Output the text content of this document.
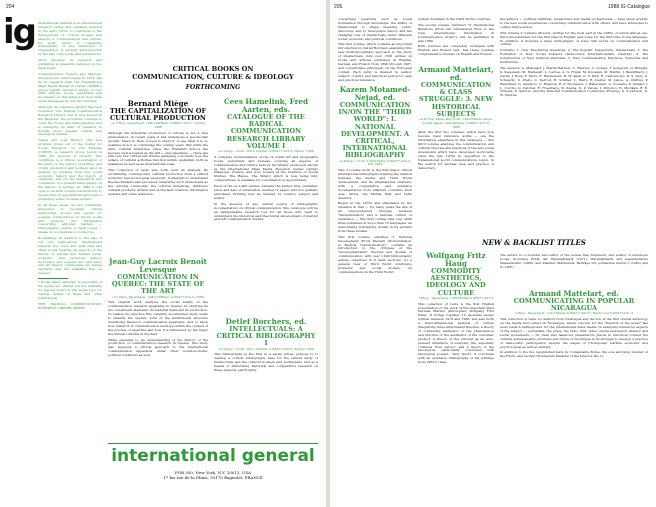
204
ig International General is an international research center and publisher founded in the early 1970s to contribute to the development of critical studies and aspects of communication and culture. Its work, which is completely independent of any institution or organization, is entirely self-supported by the sale of its books and publications.

More precisely, its research and publishing is presently centered on two main areas:

Communication, Culture and Ideology: this program, which began in 1974, has as its research base the International Mass Media Research Center (IMMRC) and is readily reference library of over 6000 articles, books, pamphlets and documents on this subject in more than seven languages in over 90 countries.

Although the reference library has been re-named 'The Radical Communication Research Library' and is now housed in the Bagnolet, the programs continue to cover the books and bibliographies and is enlarging its field of research to include more general critical and ideological studies.

Textes and Cost History: this new program grows out of the Center for Social Research on Old Families (CSROF), a research group begun in 1986. Its purpose is twofold: One contribute to a critical re-evaluation of the study of the history of textiles, and of mill production and workers labor in general, by drawing from new social economic history and the history of creativity; and (2) the elaboration and completion of a general bibliography on the history of textiles. In 1989 it will open to us 2500 volume textile library to researchers by appointment and begin a publishing series on these subject.

In all these areas, we are continually interested in receiving critical approaches, groups and people for possible collaboration on future books and projects. For information concerning editorial matters — bibliographic, review or desk copies — please do not hesitate to contact us.

Bookselling: In addition to the sale of our own publications, International General also buys and sells rare and other books treating all aspects of the history of textiles and related social, economic and technical history, decorative and popular art, and labor and art history. Catalogues are issued regularly and are available free on request.

* Books listed (asterisk) in preceding of the series are offered but not available for special orders to the series (sic) for current details of these and other publications.

THE RADICAL COMMUNICATION RESEARCH LIBRARY IMMRC

CRITICAL BOOKS ON
COMMUNICATION, CULTURE & IDEOLOGY
FORTHCOMING
Bernard Miège
THE CAPITALIZATION OF CULTURAL PRODUCTION
ca 176pp. Paperback, 14#/129Hmm. 0-88477-022-7, Spring 1988

Although the industrial production of culture is not a new phenomenon, in recent years it has undergone a spectacular growth. There is, then, a need to study it, to see what it is, to examine how it is continuing the coming years. But while the term 'cultural industries' since the Frankfurt School has become well accepted as the left — and elsewhere — there are still very few critical left studies analyzing concretely how the sphere of cultural activities function within capitalism, both as examined as well as an international scale.

This collection of texts sets forth such an analysis. By scrutinizing contemporary cultural production from a critical economic and sociological viewpoint, it attempts to understand the mechanisms and processes underlying such phenomena as the cultural commodity, the cultural industries, children's cultural products, artistic and in-the-field creation, information systems and cable television.

Jean-Guy Lacroix Benoît Levesque
COMMUNICATION IN QUEBEC: THE STATE OF THE ART
ca 190pp. Paperback, 14#/129Hmm. 0-88477-016-5, 1989

This original work analyzes the social reality of the communication research apparatus in Quebec by studying its two constituent elements: its material basis and its production. To realize its objective this carefully documented study seeks to identify the specific form of the institutional structure underlying Quebec's communication apparatus, and to show how research in communication develops within the context of the process of expertise and how it is influenced by the major theoretical currents in the field.

While essential to an understanding of the history of the production of communication research in Quebec, this study also suggests a critical approach to the international communication apparatus under other social-economic political conditions as well.

Cees Hamelink, Fred Aarten, eds.
CATALOGUE OF THE RADICAL COMMUNICATION RESEARCH LIBRARY VOLUME I
ca 320pp., Cloth, 500 x 220mm. 0-88477-023-5, Winter 1988

A complete documentation of the ca 2,000 left and progressive books, pamphlets and reviews covering all aspects of communication and culture held by the library, previously known as the International Mass Media Research Center Library (Bagnolet, France) and now housed at the Institute of Social Studies, The Hague. The library, which is now being fully computerized, is available for consultation by appointment.

Each of the ca 2,000 entries contains the author, title, publisher, place and date of publication, number of pages, and it is partially annotated. Printing may be indexed by country, subject and author.

In the absence of any central source of bibliographic documentation on critical communication, this catalogue will be an indispensable research tool for all those who want to understand the historical and theoretical development of marxist and left communication studies.

Detlef Borchers, ed.
INTELLECTUALS: A CRITICAL BIBLIOGRAPHY I
ca 320pp., Cloth, 500 x 220mm. 0-88477-026-X, Spring 1989

This bibliography is the first in a series whose purpose is to develop a critical bibliography base for the radical study of intellectuals and the cultural workers and technicians, and as a means of stimulating historical and comparative research on these subjects, particularly

international general
POB 350, New York, N.Y. 10013, USA
17 bis rue de la Dhuis, 93170 Bagnolet, FRANCE
205	1988 IG Catalogue

concerning questions such as social domination through knowledge, the ability of intellectuals to shape meaning, public discourse, and to monopolize theory, and the changing role of intellectuals under different social, economic and political conditions.

This first volume, which contains an important introduction by Detlef Borchers examining this new multi-disciplinary approach to the study of intellectuals, lists over 1500 entries on books and articles published in English, German and French from 1890 through 1987, and concentrates principally on the European context. Each entry is indexed by author, subject, country and historical period for easy and practical reference.

Kazem Motamed-Nejad, ed.
COMMUNICATION IN/ON THE "THIRD WORLD": I. NATIONAL DEVELOPMENT. A CRITICAL, INTERNATIONAL BIBLIOGRAPHY
ca 400pp., Cloth, 130x220mm 0-88477-022-3, Fall 1989

This 2-volume work is the first major critical international bibliography treating the relation between the media and Third World development, and its international relations, with a comparative and extensive documentation from different countries from Asia, Africa, the Middle East and Latin America.

Begun in the 1970s and stimulated by the situation in Iran — for many years the site of an unprecedented struggle between "Westernization" and a national culture of resistance — this first volume lists over 3000 titles published in more than 15 languages, an unavoidable multiplicity, drawn in its entirety from these studies.

This first volume, subtitled "I. National Development (From Western 'Modernization' to Radical Transformation)", contains an introduction to the critiques of the "developmentalist" theories and models of communication, with over 1,000 bibliographic entries organized in 6 main sections: (1) a general view of Third World conditions, problems and social models; (2) communications in the Third World

system dominant in the Third World countries.

The second volume, subtitled "II. International Relations (From the Unbalanced Flow to the New International Information & Communication Order"), will be published in late 1989.

Both volumes are completely bi-lingual with English and French text, has these volumes comprehensive reviews on English and French.

Armand Mattelart, ed.
COMMUNICATION & CLASS STRUGGLE: 3. NEW HISTORICAL SUBJECTS
ca 475pp, Paper and cloth: 130x220mm Large-format Paper: 224x300mm. 0-88477-027-8, 1989

After the first two volumes, which have now become basic reference works — one the information elsewhere in this catalogue — this third volume analyzes the communication and cultural theories and practices of the new social movements which have developed world-wide since the late 1970s in opposition to the transnational world communications logics. In the search for another idea and practice of democracy.

the authors — political militants, researchers and media professionals — have given priority to the new social experiences concerning communication with others, and have attempted to outline future action.

This Volume 3 contains 48 texts, written for the most part in the 1980s, of which almost one-third are published for the first time in English, and some for the first time in any language. In addition, it includes a large bibliography of some 500 works on communication and culture.

Contents: 1. New Theoretical Questions. 2. The Popular: Subjectivity, Intellectuals. 3. The Formation of New Social Subjects (Democracy, Internationalism, Identity). 4. The Construction of New Cultural Identities. 5. New Communication Practices, Networks and Institutions.

The Authors: A. Mattelart, J. Martin-Barbero, L. Radovic, L. Gomez, T. Sedgwick, D. Binaghi, S. Siegelaub, M. Mattelart, L. Larrea, A. G. Frank, M. Kocanan, M. Martin, J. Baudrillard, J. Carlin, J. Ross, F. Ferro, E. Rasmussen, R. W. Allen, G. S. Kirk, R. Castonboire, R. S. Dery, U. Schwartz, S. Preilo, C. Kerrod, H. Schiller, L. Barry, R. Delfos, M. Jahoe, A. Chiltley, P. Waterman, G. Aquilloto, C. Rivarola, R. P. Thompson, J. Wallerstein, A. Touraine, P. Samatt, J. L. Corcho, G. Catchar, R. Freedberg, W. Itagna, N. P. Varela, I. Poltonov, H. Morikaw, R. E. Trinopk, E. Samosi, and the National Communication Committee (France), K. P. Jansson, D. W. Smythe.

NEW & BACKLIST TITLES
Wolfgang Fritz Haug
COMMODITY AESTHETICS, IDEOLOGY AND CULTURE
168pp., Paperback, 130x220mm 0-88477-023-5

This collection of texts is the first English presentation of the work of the important West German Marxist philosopher, Wolfgang Fritz Haug. It brings together 10 essential essays written between 1970 and 1986, and sets forth a multi-dimensional analysis of culture integrating three interrelated theories: a theory of commodity aesthetics or the phenomenon and function of the aesthetics of the consumer product; a theory of the cultural as an auto-present dimension of everyday life, especially "cultures from below"; and a theory of the ideological, particularly concerned with ideological powers. "Very short", it concludes with an extensive bibliography of his writings from 1963 to date.

The author is co-founder and editor of the review Das Argument, and author of numerous books, including Kritik der Warenästhetik (1971), Warenästhetik und kapitalistische Massenkultur (1980), and Plaudier Marxismus: Beiträge zur politischen Kultur, I (1985) and II (1987).

Armand Mattelart, ed.
COMMUNICATING IN POPULAR NICARAGUA
128pp., Paperback, 110x190mm 0-88477-020-6 | Hardcover 0-88477-021-4

This collection of texts, by authors from Nicaragua and the US, is the first critical anthology on the media and culture in Nicaragua, where concern for the "freedom of the press" has been made a battleground for the international mass media. In analyzing numerous aspects of the subject — journalism, the press, the radio, film, video, mural expression, literacy and social movements — its clear and balanced presentation places in historical context the cultural achievements, problems and future of Nicaragua in its struggle to develop a practice of democratic participation despite the sieges of US-imposed warfare economic and psychological as well as military.

In addition to the two republished texts by Comandante Borge, the sole surviving founder of the FSLN, and current Nicaraguan Minister of the Interior, the 11
